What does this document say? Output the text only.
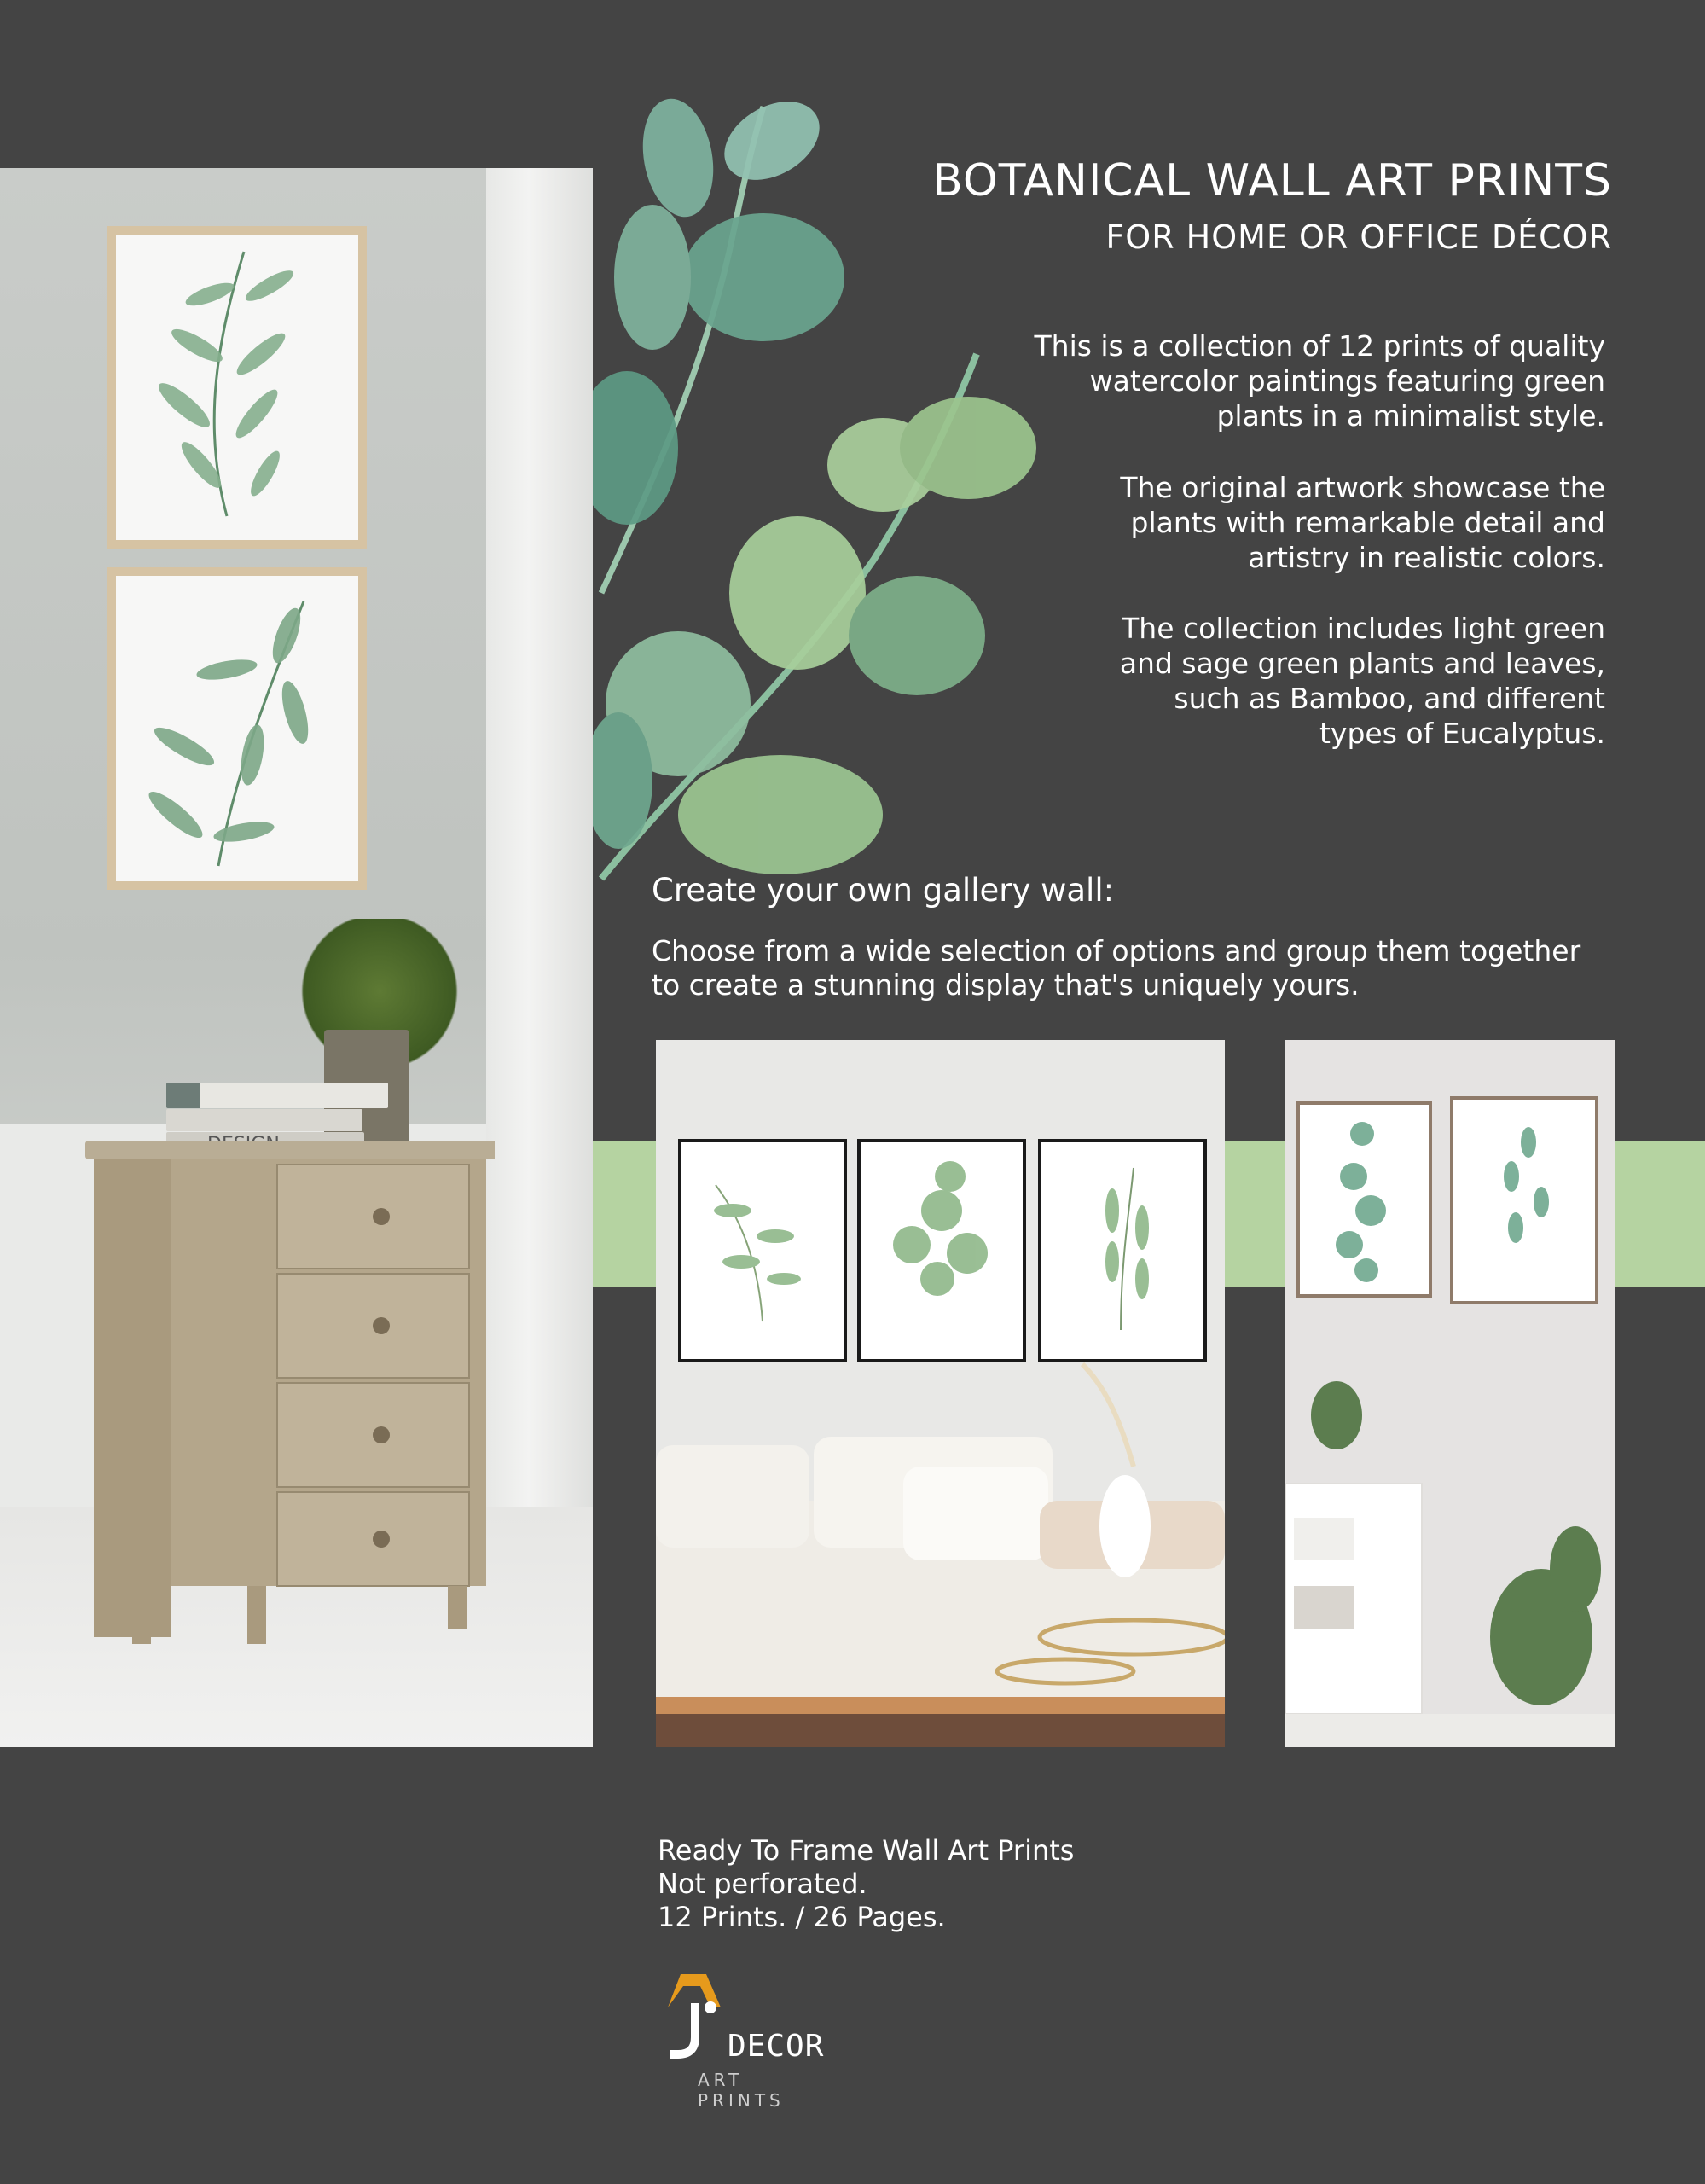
BOTANICAL WALL ART PRINTS
FOR HOME OR OFFICE DÉCOR
This is a collection of 12 prints of quality
watercolor paintings featuring green
plants in a minimalist style.
The original artwork showcase the
plants with remarkable detail and
artistry in realistic colors.
The collection includes light green
and sage green plants and leaves,
such as Bamboo, and different
types of Eucalyptus.
Create your own gallery wall:
Choose from a wide selection of options and group them together
to create a stunning display that's uniquely yours.
Ready To Frame Wall Art Prints
Not perforated.
12 Prints. / 26 Pages.
DECOR
ART PRINTS
